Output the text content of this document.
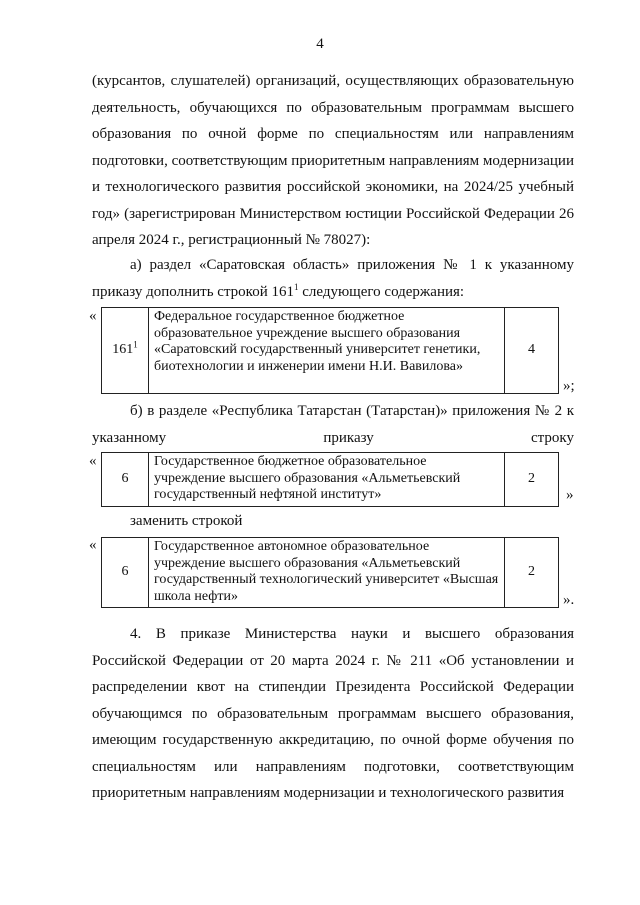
4

(курсантов, слушателей) организаций, осуществляющих образовательную деятельность, обучающихся по образовательным программам высшего образования по очной форме по специальностям или направлениям подготовки, соответствующим приоритетным направлениям модернизации и технологического развития российской экономики, на 2024/25 учебный год» (зарегистрирован Министерством юстиции Российской Федерации 26 апреля 2024 г., регистрационный № 78027):

а) раздел «Саратовская область» приложения № 1 к указанному приказу дополнить строкой $161^1$ следующего содержания:

«
$161^1$	Федеральное государственное бюджетное образовательное учреждение высшего образования «Саратовский государственный университет генетики, биотехнологии и инженерии имени Н.И. Вавилова»	4
»;

б) в разделе «Республика Татарстан (Татарстан)» приложения № 2 к указанному приказу строку

«
6	Государственное бюджетное образовательное учреждение высшего образования «Альметьевский государственный нефтяной институт»	2
»

заменить строкой

«
6	Государственное автономное образовательное учреждение высшего образования «Альметьевский государственный технологический университет «Высшая школа нефти»	2
».

4. В приказе Министерства науки и высшего образования Российской Федерации от 20 марта 2024 г. № 211 «Об установлении и распределении квот на стипендии Президента Российской Федерации обучающимся по образовательным программам высшего образования, имеющим государственную аккредитацию, по очной форме обучения по специальностям или направлениям подготовки, соответствующим приоритетным направлениям модернизации и технологического развития
